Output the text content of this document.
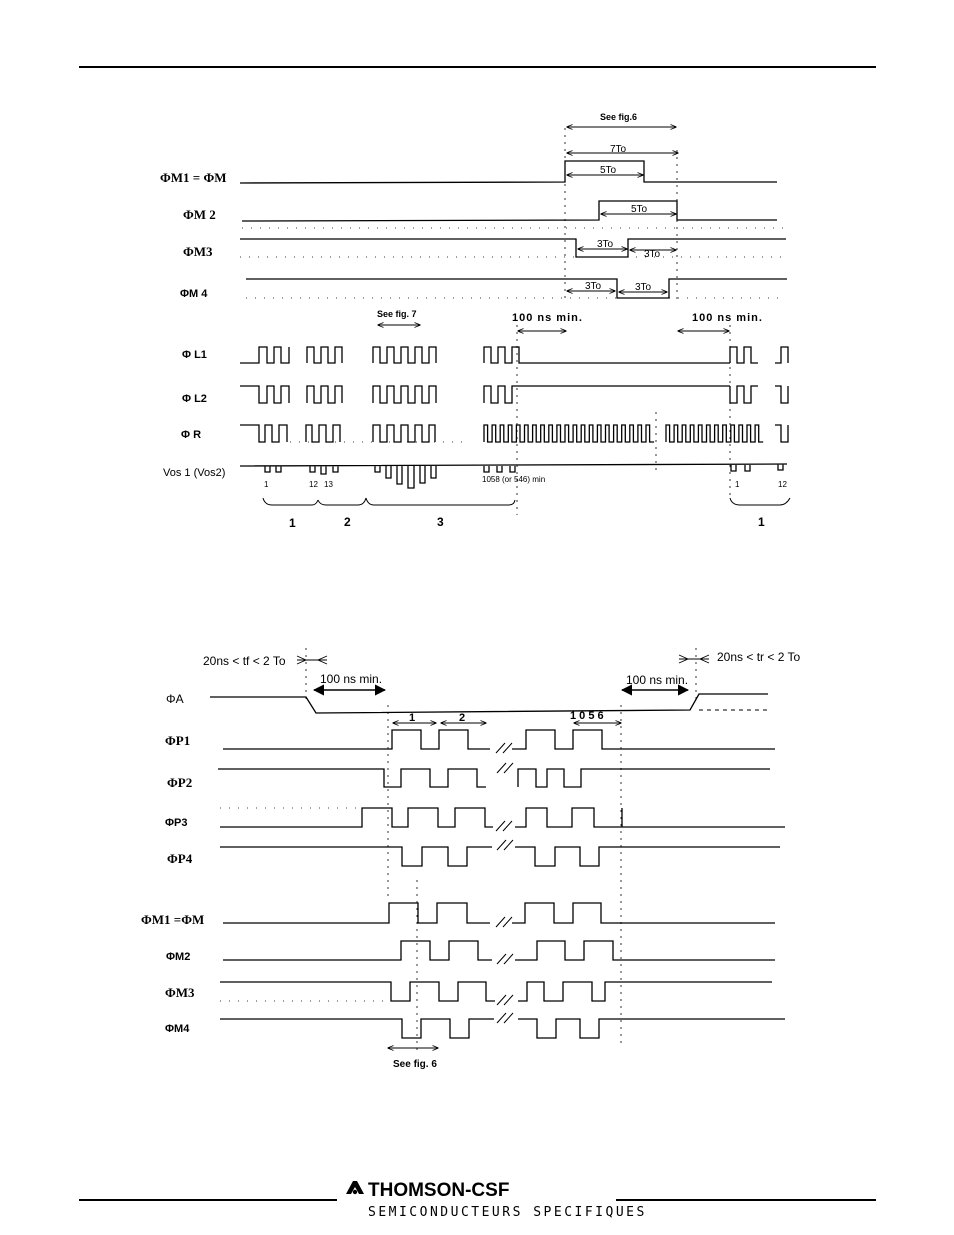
ΦM1 = ΦM
ΦM 2
ΦM3
ΦM 4
Φ L1
Φ L2
Φ R
Vos 1 (Vos2)
1	12 13
1058 (or 546) min
1	12
1	2	3	1
See fig.6
7To
5To
5To
3To
3To
3To	3To
See fig. 7	100 ns min.	100 ns min.
ΦA
ΦP1
ΦP2
ΦP3
ΦP4
ΦM1 =ΦM
ΦM2
ΦM3
ΦM4
20ns < tf < 2 To	20ns < tr < 2 To
100 ns min.	100 ns min.
1	2	1 0 5 6
See fig. 6
THOMSON-CSF
SEMICONDUCTEURS SPECIFIQUES
